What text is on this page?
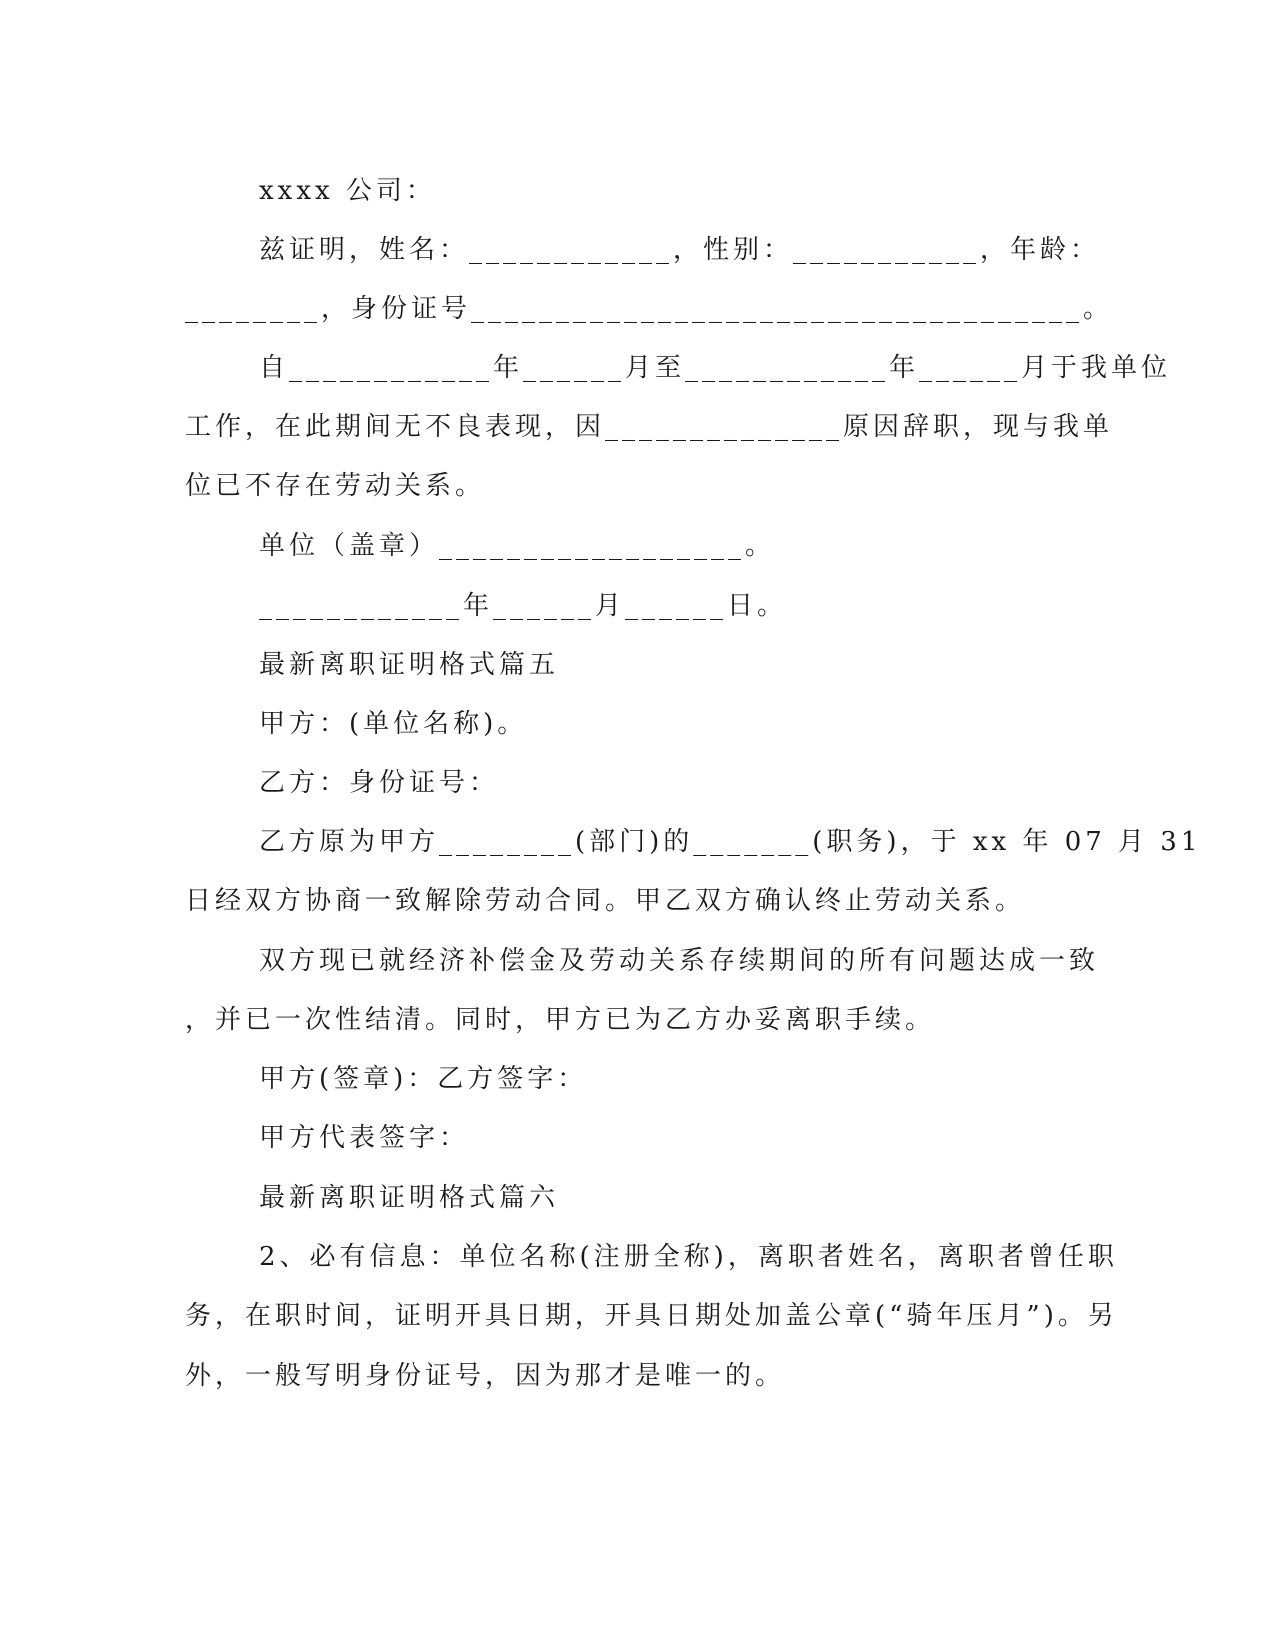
xxxx 公司：
兹证明，姓名：____________，性别：___________，年龄：
________，身份证号____________________________________。
自____________年______月至____________年______月于我单位
工作，在此期间无不良表现，因______________原因辞职，现与我单
位已不存在劳动关系。
单位（盖章）__________________。
____________年______月______日。
最新离职证明格式篇五
甲方：(单位名称)。
乙方：身份证号：
乙方原为甲方________(部门)的_______(职务)，于 xx 年 07 月 31
日经双方协商一致解除劳动合同。甲乙双方确认终止劳动关系。
双方现已就经济补偿金及劳动关系存续期间的所有问题达成一致
，并已一次性结清。同时，甲方已为乙方办妥离职手续。
甲方(签章)：乙方签字：
甲方代表签字：
最新离职证明格式篇六
2、必有信息：单位名称(注册全称)，离职者姓名，离职者曾任职
务，在职时间，证明开具日期，开具日期处加盖公章(“骑年压月”)。另
外，一般写明身份证号，因为那才是唯一的。
